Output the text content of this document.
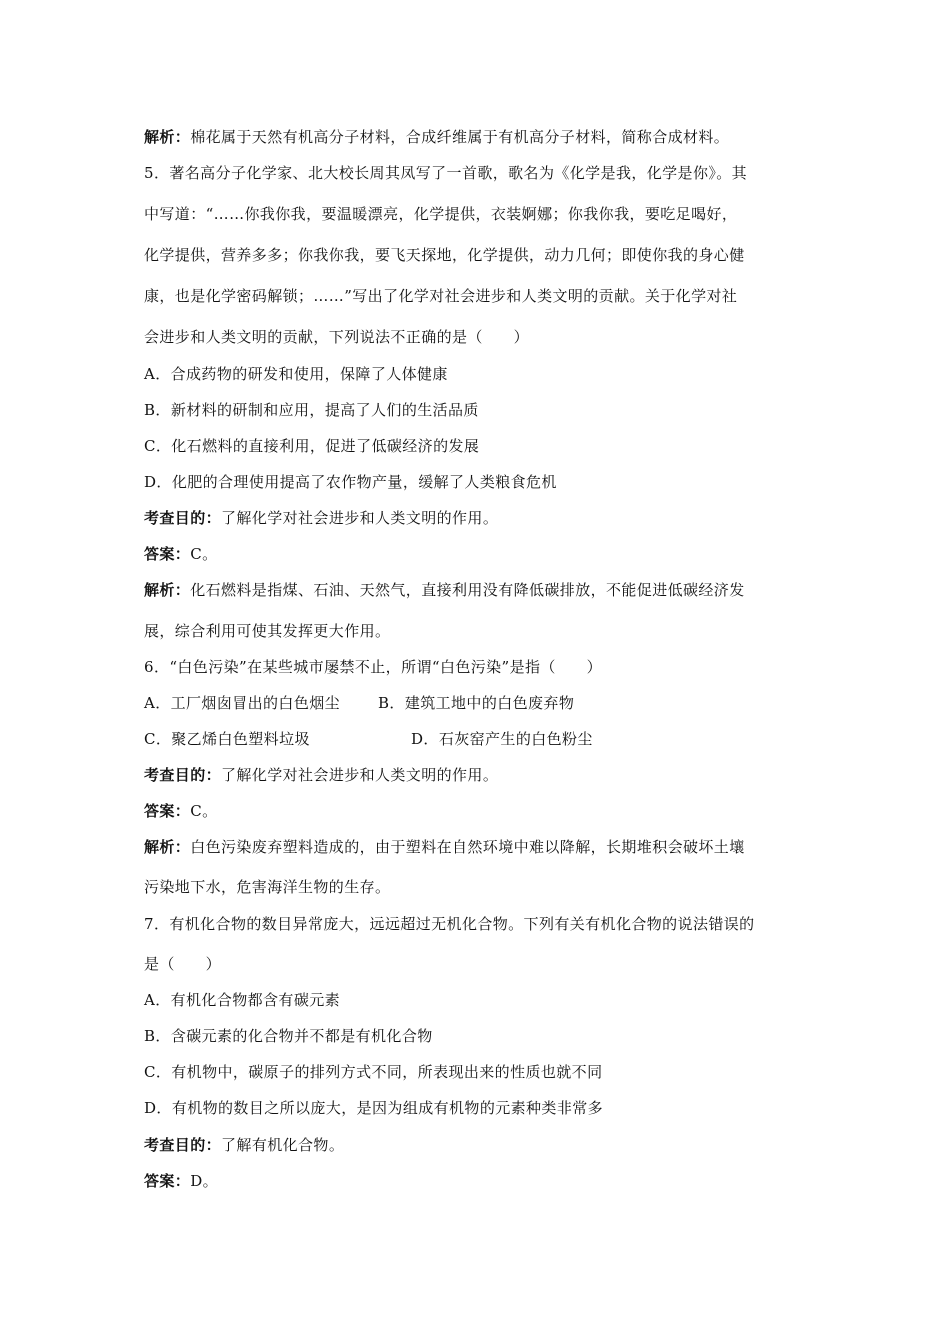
解析：棉花属于天然有机高分子材料，合成纤维属于有机高分子材料，简称合成材料。
5．著名高分子化学家、北大校长周其凤写了一首歌，歌名为《化学是我，化学是你》。其
中写道：“……你我你我，要温暖漂亮，化学提供，衣装婀娜；你我你我，要吃足喝好，
化学提供，营养多多；你我你我，要飞天探地，化学提供，动力几何；即使你我的身心健
康，也是化学密码解锁；……”写出了化学对社会进步和人类文明的贡献。关于化学对社
会进步和人类文明的贡献，下列说法不正确的是（　　）
A．合成药物的研发和使用，保障了人体健康
B．新材料的研制和应用，提高了人们的生活品质
C．化石燃料的直接利用，促进了低碳经济的发展
D．化肥的合理使用提高了农作物产量，缓解了人类粮食危机
考查目的：了解化学对社会进步和人类文明的作用。
答案：C。
解析：化石燃料是指煤、石油、天然气，直接利用没有降低碳排放，不能促进低碳经济发
展，综合利用可使其发挥更大作用。
6．“白色污染”在某些城市屡禁不止，所谓“白色污染”是指（　　）
A．工厂烟囱冒出的白色烟尘	B．建筑工地中的白色废弃物
C．聚乙烯白色塑料垃圾	D．石灰窑产生的白色粉尘
考查目的：了解化学对社会进步和人类文明的作用。
答案：C。
解析：白色污染废弃塑料造成的，由于塑料在自然环境中难以降解，长期堆积会破坏土壤
污染地下水，危害海洋生物的生存。
7．有机化合物的数目异常庞大，远远超过无机化合物。下列有关有机化合物的说法错误的
是（　　）
A．有机化合物都含有碳元素
B．含碳元素的化合物并不都是有机化合物
C．有机物中，碳原子的排列方式不同，所表现出来的性质也就不同
D．有机物的数目之所以庞大，是因为组成有机物的元素种类非常多
考查目的：了解有机化合物。
答案：D。
